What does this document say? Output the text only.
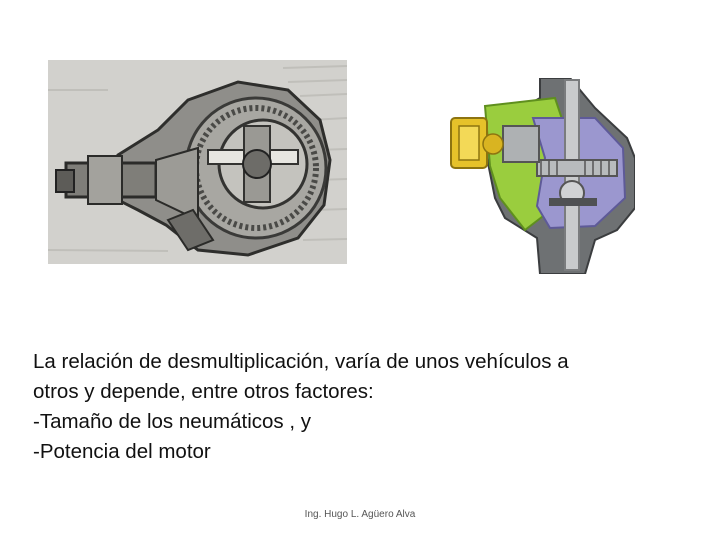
La relación de desmultiplicación, varía de unos vehículos a
otros y depende, entre otros factores:
-Tamaño de los neumáticos , y
-Potencia del motor
Ing. Hugo L. Agüero Alva
